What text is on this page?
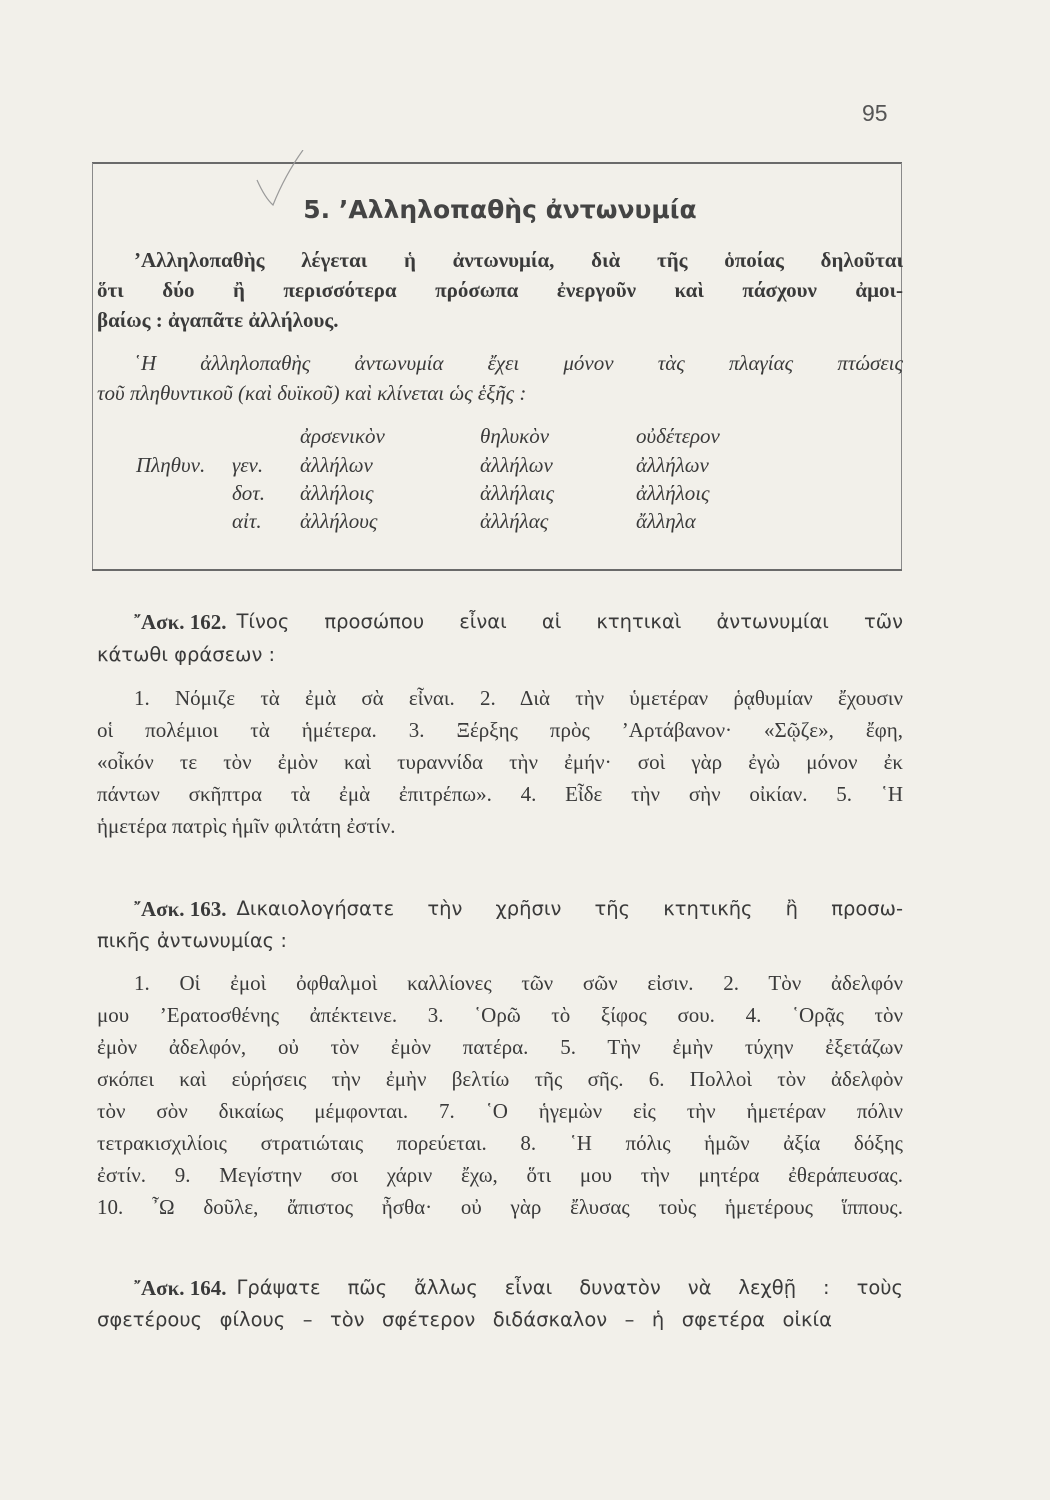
95
5. ’Αλληλοπαθὴς ἀντωνυμία
’Αλληλοπαθὴς λέγεται ἡ ἀντωνυμία, διὰ τῆς ὁποίας δηλοῦται
ὅτι δύο ἢ περισσότερα πρόσωπα ἐνεργοῦν καὶ πάσχουν ἀμοι-
βαίως : ἀγαπᾶτε ἀλλήλους.
῾Η ἀλληλοπαθὴς ἀντωνυμία ἔχει μόνον τὰς πλαγίας πτώσεις
τοῦ πληθυντικοῦ (καὶ δυϊκοῦ) καὶ κλίνεται ὡς ἑξῆς :
ἀρσενικὸν	θηλυκὸν	οὐδέτερον
Πληθυν. γεν. ἀλλήλων	ἀλλήλων	ἀλλήλων
δοτ. ἀλλήλοις	ἀλλήλαις	ἀλλήλοις
αἰτ. ἀλλήλους	ἀλλήλας	ἄλληλα
῎Ασκ. 162. Τίνος προσώπου εἶναι αἱ κτητικαὶ ἀντωνυμίαι τῶν
κάτωθι φράσεων :
1. Νόμιζε τὰ ἐμὰ σὰ εἶναι. 2. Διὰ τὴν ὑμετέραν ῥᾳθυμίαν ἔχουσιν
οἱ πολέμιοι τὰ ἡμέτερα. 3. Ξέρξης πρὸς ’Αρτάβανον· «Σῷζε», ἔφη,
«οἶκόν τε τὸν ἐμὸν καὶ τυραννίδα τὴν ἐμήν· σοὶ γὰρ ἐγὼ μόνον ἐκ
πάντων σκῆπτρα τὰ ἐμὰ ἐπιτρέπω». 4. Εἶδε τὴν σὴν οἰκίαν. 5. ῾Η
ἡμετέρα πατρὶς ἡμῖν φιλτάτη ἐστίν.
῎Ασκ. 163. Δικαιολογήσατε τὴν χρῆσιν τῆς κτητικῆς ἢ προσω-
πικῆς ἀντωνυμίας :
1. Οἱ ἐμοὶ ὀφθαλμοὶ καλλίονες τῶν σῶν εἰσιν. 2. Τὸν ἀδελφόν
μου ’Ερατοσθένης ἀπέκτεινε. 3. ῾Ορῶ τὸ ξίφος σου. 4. ῾Ορᾷς τὸν
ἐμὸν ἀδελφόν, οὐ τὸν ἐμὸν πατέρα. 5. Τὴν ἐμὴν τύχην ἐξετάζων
σκόπει καὶ εὑρήσεις τὴν ἐμὴν βελτίω τῆς σῆς. 6. Πολλοὶ τὸν ἀδελφὸν
τὸν σὸν δικαίως μέμφονται. 7. ῾Ο ἡγεμὼν εἰς τὴν ἡμετέραν πόλιν
τετρακισχιλίοις στρατιώταις πορεύεται. 8. ῾Η πόλις ἡμῶν ἀξία δόξης
ἐστίν. 9. Μεγίστην σοι χάριν ἔχω, ὅτι μου τὴν μητέρα ἐθεράπευσας.
10. ῏Ω δοῦλε, ἄπιστος ἦσθα· οὐ γὰρ ἔλυσας τοὺς ἡμετέρους ἵππους.
῎Ασκ. 164. Γράψατε πῶς ἄλλως εἶναι δυνατὸν νὰ λεχθῇ : τοὺς
σφετέρους φίλους – τὸν σφέτερον διδάσκαλον – ἡ σφετέρα οἰκία
